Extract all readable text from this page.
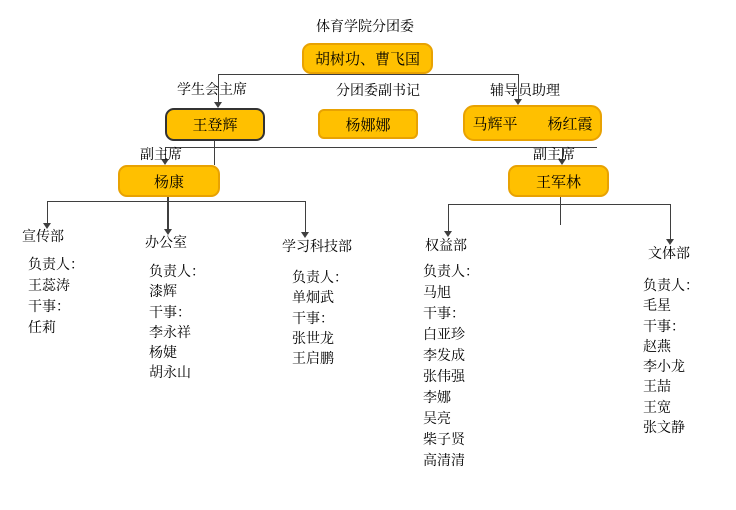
体育学院分团委
胡树功、曹飞国
学生会主席	分团委副书记	辅导员助理
王登辉	杨娜娜	马辉平　　杨红霞
副主席	副主席
杨康	王军林
宣传部	办公室	学习科技部	权益部	文体部
负责人：
王蕊涛
干事：
任莉
负责人：
漆辉
干事：
李永祥
杨婕
胡永山
负责人：
单炯武
干事：
张世龙
王启鹏
负责人：
马旭
干事：
白亚珍
李发成
张伟强
李娜
吴亮
柴子贤
高清清
负责人：
毛星
干事：
赵燕
李小龙
王喆
王宽
张文静
